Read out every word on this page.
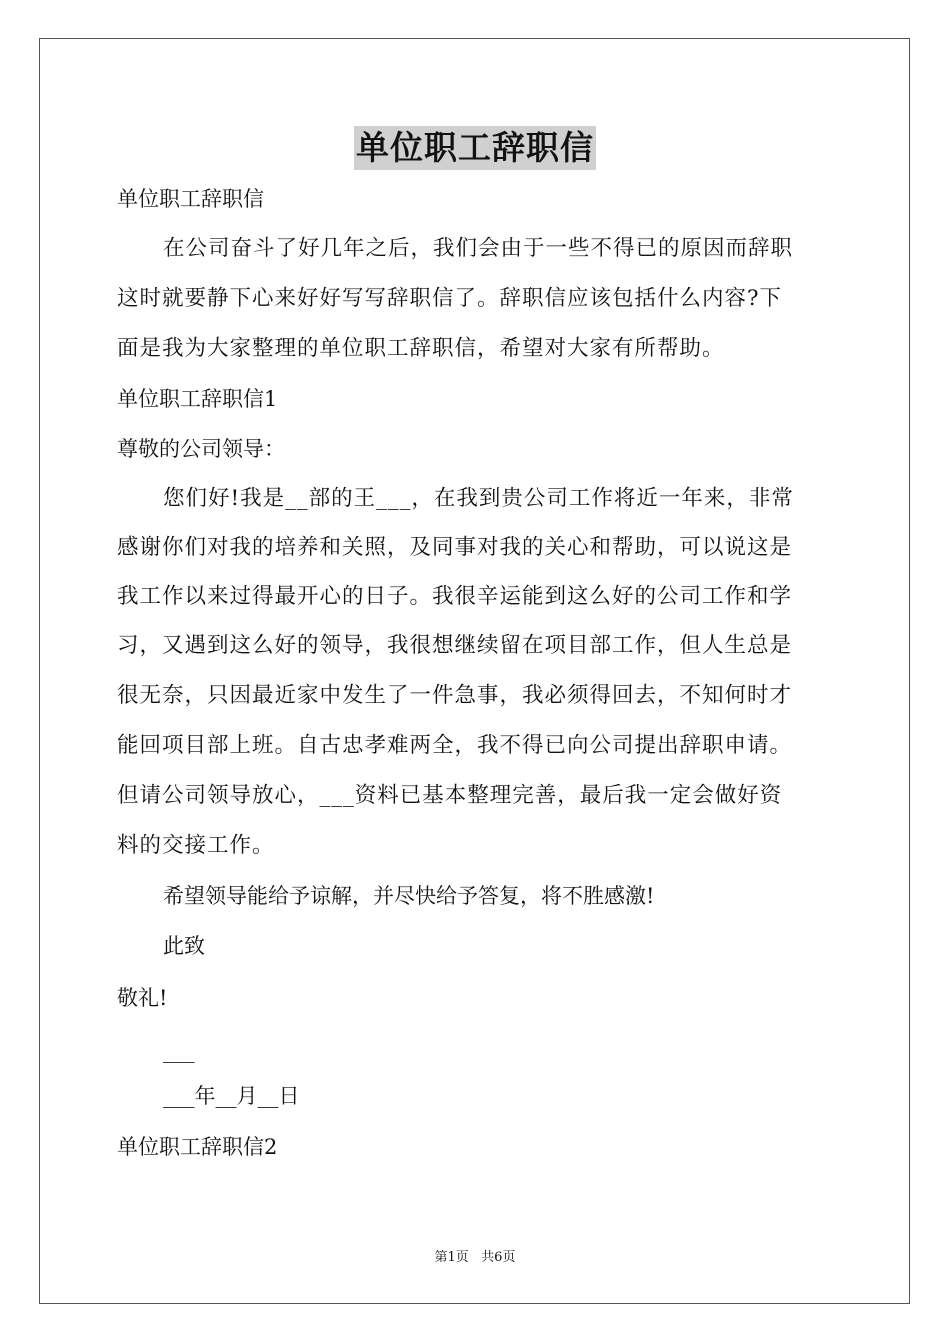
单位职工辞职信
单位职工辞职信
在公司奋斗了好几年之后，我们会由于一些不得已的原因而辞职
这时就要静下心来好好写写辞职信了。辞职信应该包括什么内容?下
面是我为大家整理的单位职工辞职信，希望对大家有所帮助。
单位职工辞职信1
尊敬的公司领导：
您们好!我是__部的王___，在我到贵公司工作将近一年来，非常
感谢你们对我的培养和关照，及同事对我的关心和帮助，可以说这是
我工作以来过得最开心的日子。我很辛运能到这么好的公司工作和学
习，又遇到这么好的领导，我很想继续留在项目部工作，但人生总是
很无奈，只因最近家中发生了一件急事，我必须得回去，不知何时才
能回项目部上班。自古忠孝难两全，我不得已向公司提出辞职申请。
但请公司领导放心，___资料已基本整理完善，最后我一定会做好资
料的交接工作。
希望领导能给予谅解，并尽快给予答复，将不胜感激!
此致
敬礼!
___
___年__月__日
单位职工辞职信2
第1页   共6页
